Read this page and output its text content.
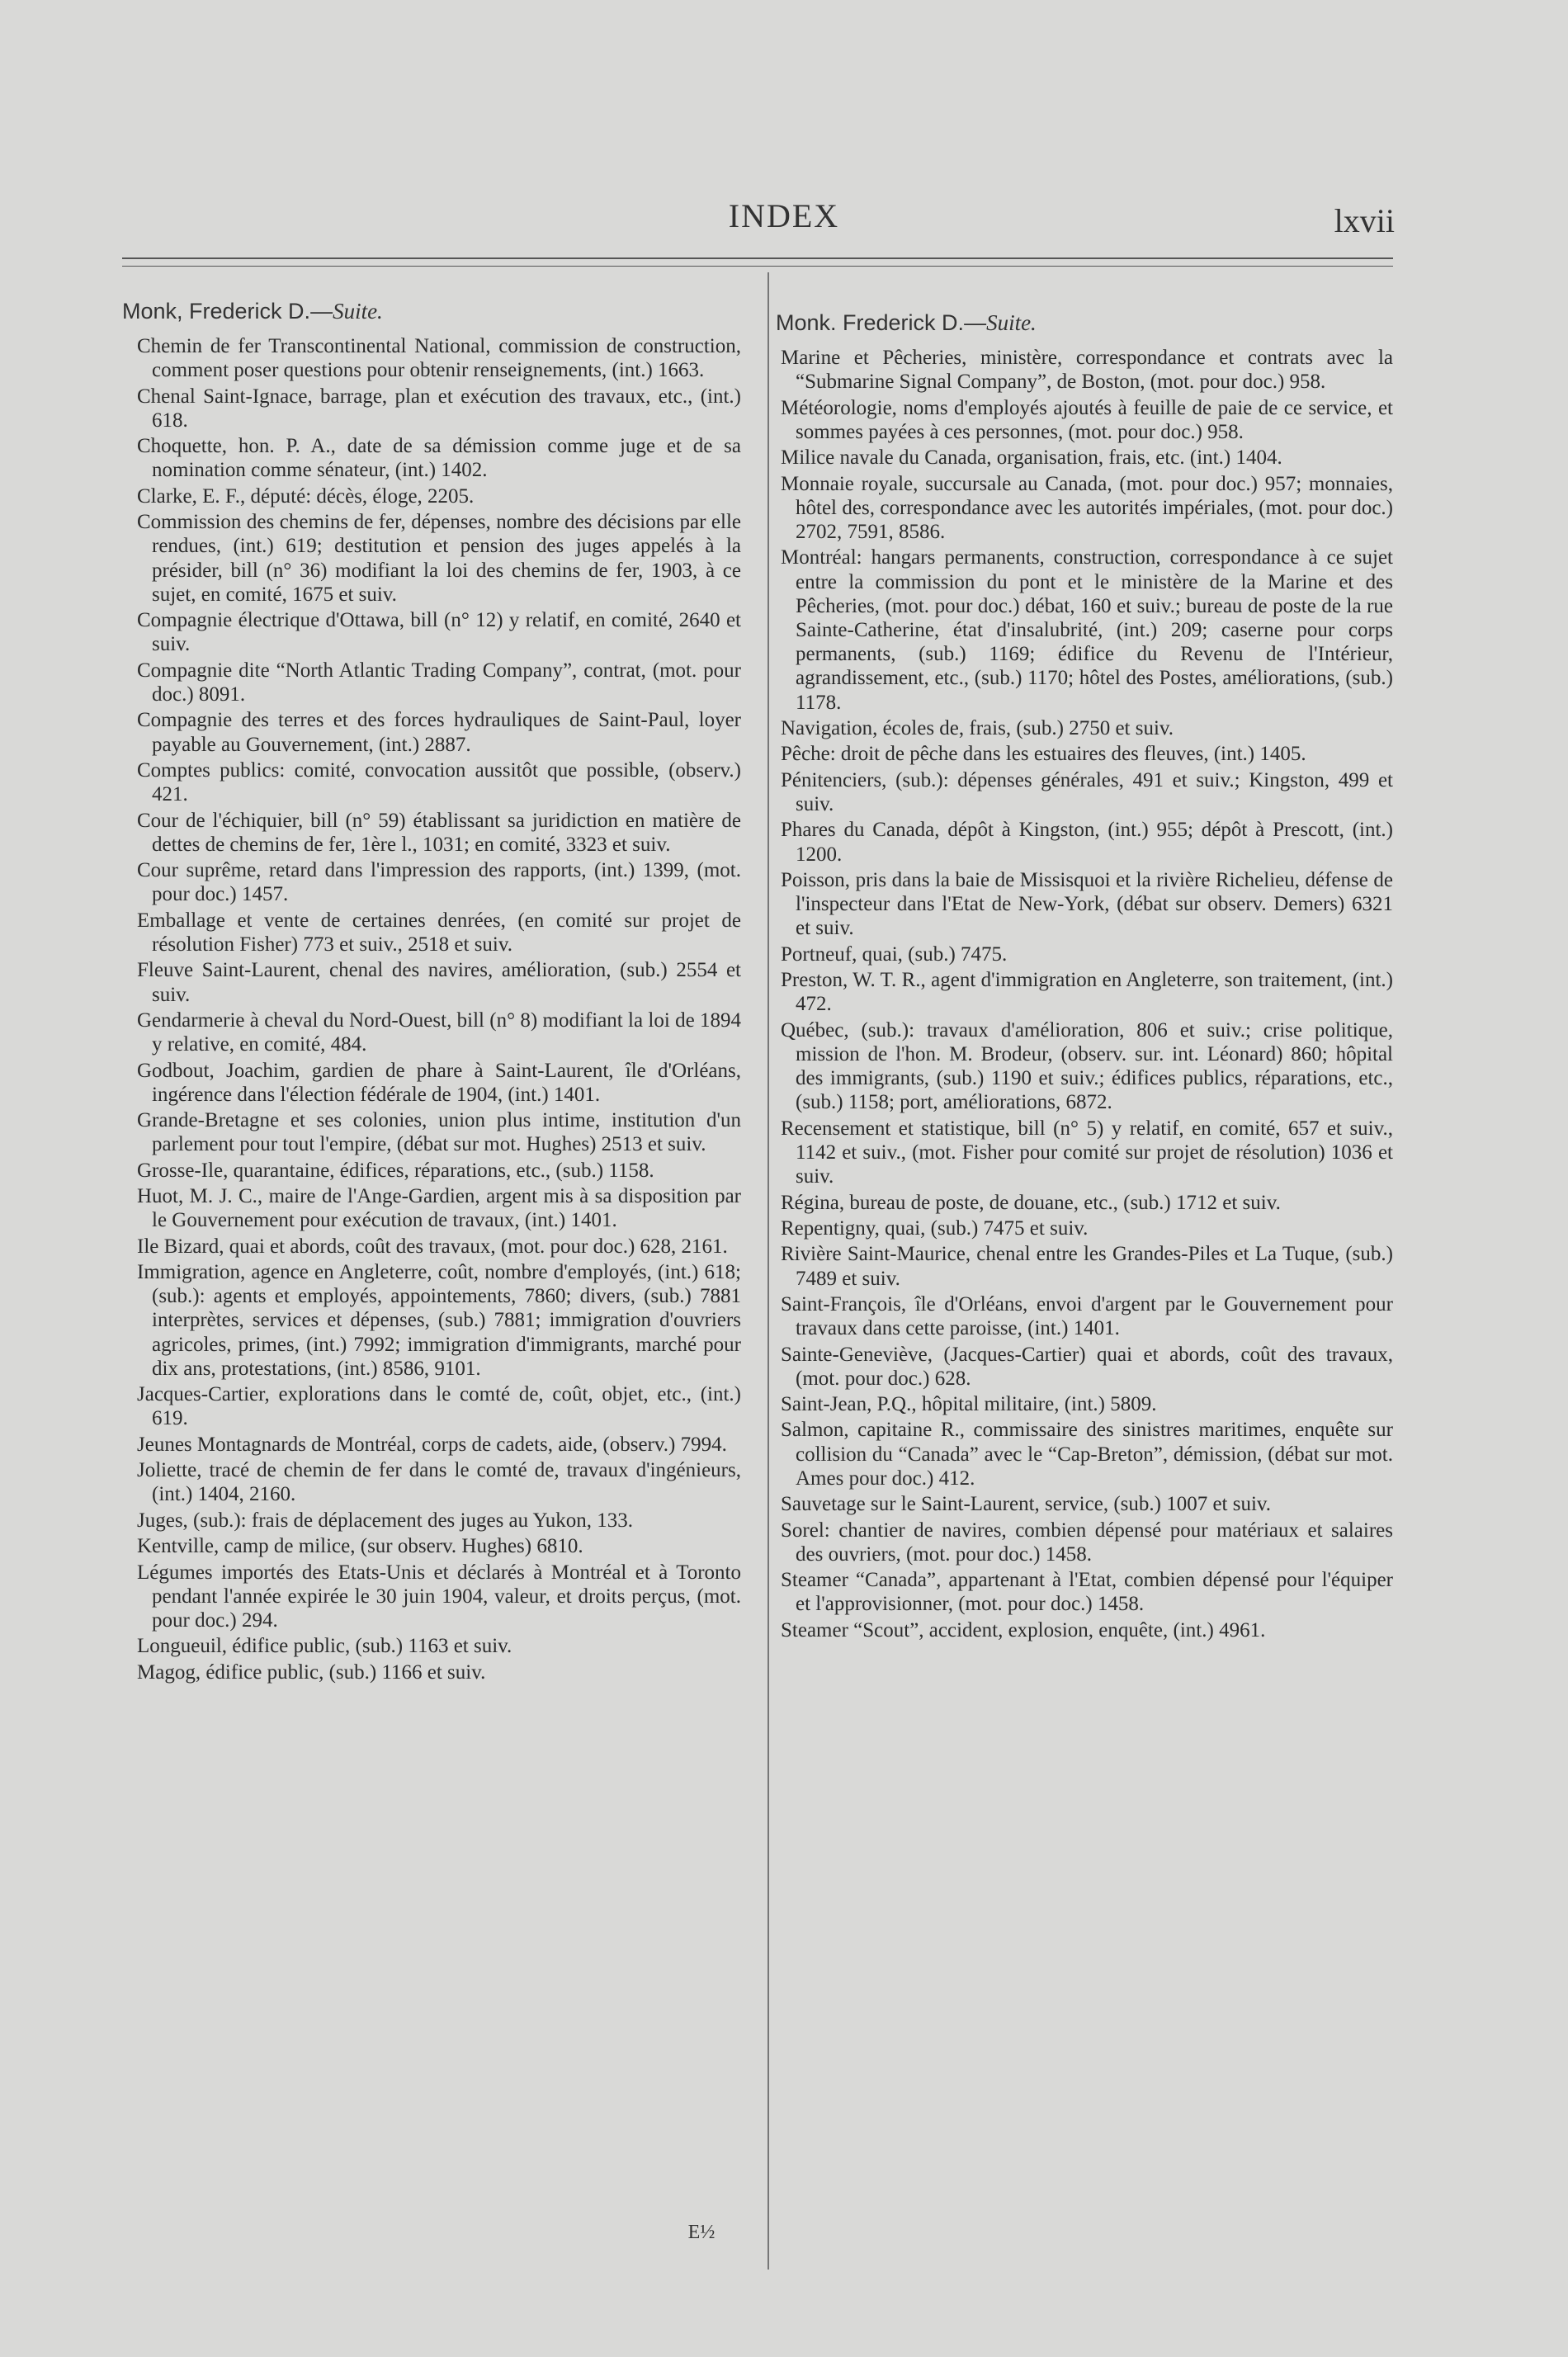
INDEX	lxvii
Monk, Frederick D.—Suite.

Chemin de fer Transcontinental National, commission de construction, comment poser questions pour obtenir renseignements, (int.) 1663.

Chenal Saint-Ignace, barrage, plan et exécution des travaux, etc., (int.) 618.

Choquette, hon. P. A., date de sa démission comme juge et de sa nomination comme sénateur, (int.) 1402.

Clarke, E. F., député: décès, éloge, 2205.

Commission des chemins de fer, dépenses, nombre des décisions par elle rendues, (int.) 619; destitution et pension des juges appelés à la présider, bill (n° 36) modifiant la loi des chemins de fer, 1903, à ce sujet, en comité, 1675 et suiv.

Compagnie électrique d'Ottawa, bill (n° 12) y relatif, en comité, 2640 et suiv.

Compagnie dite “North Atlantic Trading Company”, contrat, (mot. pour doc.) 8091.

Compagnie des terres et des forces hydrauliques de Saint-Paul, loyer payable au Gouvernement, (int.) 2887.

Comptes publics: comité, convocation aussitôt que possible, (observ.) 421.

Cour de l'échiquier, bill (n° 59) établissant sa juridiction en matière de dettes de chemins de fer, 1ère l., 1031; en comité, 3323 et suiv.

Cour suprême, retard dans l'impression des rapports, (int.) 1399, (mot. pour doc.) 1457.

Emballage et vente de certaines denrées, (en comité sur projet de résolution Fisher) 773 et suiv., 2518 et suiv.

Fleuve Saint-Laurent, chenal des navires, amélioration, (sub.) 2554 et suiv.

Gendarmerie à cheval du Nord-Ouest, bill (n° 8) modifiant la loi de 1894 y relative, en comité, 484.

Godbout, Joachim, gardien de phare à Saint-Laurent, île d'Orléans, ingérence dans l'élection fédérale de 1904, (int.) 1401.

Grande-Bretagne et ses colonies, union plus intime, institution d'un parlement pour tout l'empire, (débat sur mot. Hughes) 2513 et suiv.

Grosse-Ile, quarantaine, édifices, réparations, etc., (sub.) 1158.

Huot, M. J. C., maire de l'Ange-Gardien, argent mis à sa disposition par le Gouvernement pour exécution de travaux, (int.) 1401.

Ile Bizard, quai et abords, coût des travaux, (mot. pour doc.) 628, 2161.

Immigration, agence en Angleterre, coût, nombre d'employés, (int.) 618; (sub.): agents et employés, appointements, 7860; divers, (sub.) 7881 interprètes, services et dépenses, (sub.) 7881; immigration d'ouvriers agricoles, primes, (int.) 7992; immigration d'immigrants, marché pour dix ans, protestations, (int.) 8586, 9101.

Jacques-Cartier, explorations dans le comté de, coût, objet, etc., (int.) 619.

Jeunes Montagnards de Montréal, corps de cadets, aide, (observ.) 7994.

Joliette, tracé de chemin de fer dans le comté de, travaux d'ingénieurs, (int.) 1404, 2160.

Juges, (sub.): frais de déplacement des juges au Yukon, 133.

Kentville, camp de milice, (sur observ. Hughes) 6810.

Légumes importés des Etats-Unis et déclarés à Montréal et à Toronto pendant l'année expirée le 30 juin 1904, valeur, et droits perçus, (mot. pour doc.) 294.

Longueuil, édifice public, (sub.) 1163 et suiv.

Magog, édifice public, (sub.) 1166 et suiv.

Monk. Frederick D.—Suite.

Marine et Pêcheries, ministère, correspondance et contrats avec la “Submarine Signal Company”, de Boston, (mot. pour doc.) 958.

Météorologie, noms d'employés ajoutés à feuille de paie de ce service, et sommes payées à ces personnes, (mot. pour doc.) 958.

Milice navale du Canada, organisation, frais, etc. (int.) 1404.

Monnaie royale, succursale au Canada, (mot. pour doc.) 957; monnaies, hôtel des, correspondance avec les autorités impériales, (mot. pour doc.) 2702, 7591, 8586.

Montréal: hangars permanents, construction, correspondance à ce sujet entre la commission du pont et le ministère de la Marine et des Pêcheries, (mot. pour doc.) débat, 160 et suiv.; bureau de poste de la rue Sainte-Catherine, état d'insalubrité, (int.) 209; caserne pour corps permanents, (sub.) 1169; édifice du Revenu de l'Intérieur, agrandissement, etc., (sub.) 1170; hôtel des Postes, améliorations, (sub.) 1178.

Navigation, écoles de, frais, (sub.) 2750 et suiv.

Pêche: droit de pêche dans les estuaires des fleuves, (int.) 1405.

Pénitenciers, (sub.): dépenses générales, 491 et suiv.; Kingston, 499 et suiv.

Phares du Canada, dépôt à Kingston, (int.) 955; dépôt à Prescott, (int.) 1200.

Poisson, pris dans la baie de Missisquoi et la rivière Richelieu, défense de l'inspecteur dans l'Etat de New-York, (débat sur observ. Demers) 6321 et suiv.

Portneuf, quai, (sub.) 7475.

Preston, W. T. R., agent d'immigration en Angleterre, son traitement, (int.) 472.

Québec, (sub.): travaux d'amélioration, 806 et suiv.; crise politique, mission de l'hon. M. Brodeur, (observ. sur. int. Léonard) 860; hôpital des immigrants, (sub.) 1190 et suiv.; édifices publics, réparations, etc., (sub.) 1158; port, améliorations, 6872.

Recensement et statistique, bill (n° 5) y relatif, en comité, 657 et suiv., 1142 et suiv., (mot. Fisher pour comité sur projet de résolution) 1036 et suiv.

Régina, bureau de poste, de douane, etc., (sub.) 1712 et suiv.

Repentigny, quai, (sub.) 7475 et suiv.

Rivière Saint-Maurice, chenal entre les Grandes-Piles et La Tuque, (sub.) 7489 et suiv.

Saint-François, île d'Orléans, envoi d'argent par le Gouvernement pour travaux dans cette paroisse, (int.) 1401.

Sainte-Geneviève, (Jacques-Cartier) quai et abords, coût des travaux, (mot. pour doc.) 628.

Saint-Jean, P.Q., hôpital militaire, (int.) 5809.

Salmon, capitaine R., commissaire des sinistres maritimes, enquête sur collision du “Canada” avec le “Cap-Breton”, démission, (débat sur mot. Ames pour doc.) 412.

Sauvetage sur le Saint-Laurent, service, (sub.) 1007 et suiv.

Sorel: chantier de navires, combien dépensé pour matériaux et salaires des ouvriers, (mot. pour doc.) 1458.

Steamer “Canada”, appartenant à l'Etat, combien dépensé pour l'équiper et l'approvisionner, (mot. pour doc.) 1458.

Steamer “Scout”, accident, explosion, enquête, (int.) 4961.

E½
